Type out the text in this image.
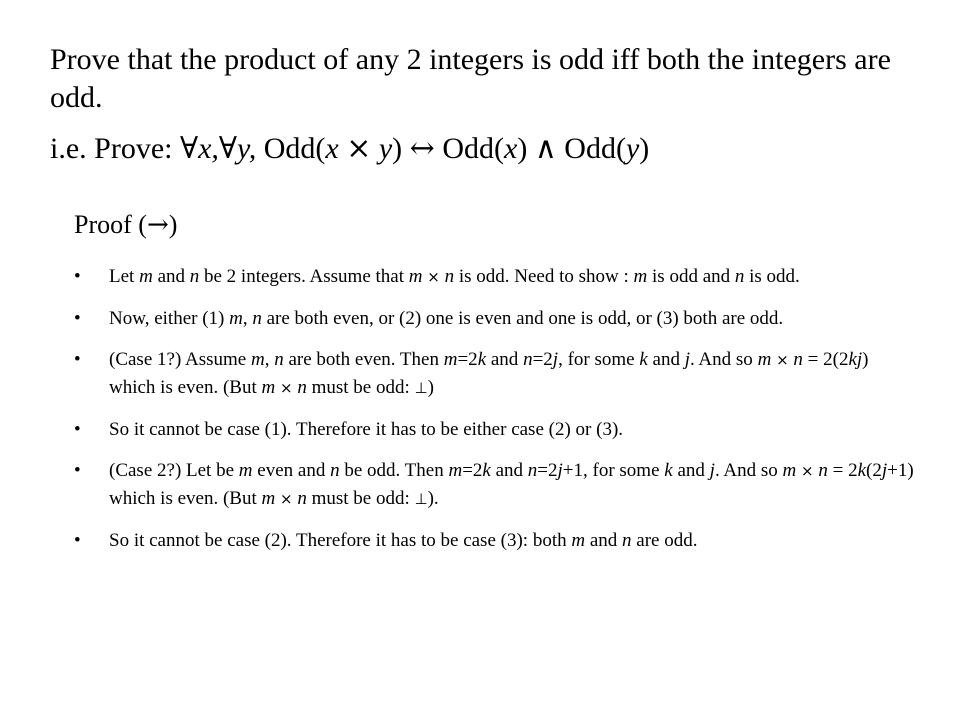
Prove that the product of any 2 integers is odd iff both the integers are odd.

i.e. Prove: ∀x,∀y, Odd(x × y) ↔ Odd(x) ∧ Odd(y)

Proof (→)
• Let m and n be 2 integers. Assume that m × n is odd. Need to show : m is odd and n is odd.
• Now, either (1) m, n are both even, or (2) one is even and one is odd, or (3) both are odd.
• (Case 1?) Assume m, n are both even. Then m=2k and n=2j, for some k and j. And so m × n = 2(2kj) which is even. (But m × n must be odd: ⊥)
• So it cannot be case (1). Therefore it has to be either case (2) or (3).
• (Case 2?) Let be m even and n be odd. Then m=2k and n=2j+1, for some k and j. And so m × n = 2k(2j+1) which is even. (But m × n must be odd: ⊥).
• So it cannot be case (2). Therefore it has to be case (3): both m and n are odd.
